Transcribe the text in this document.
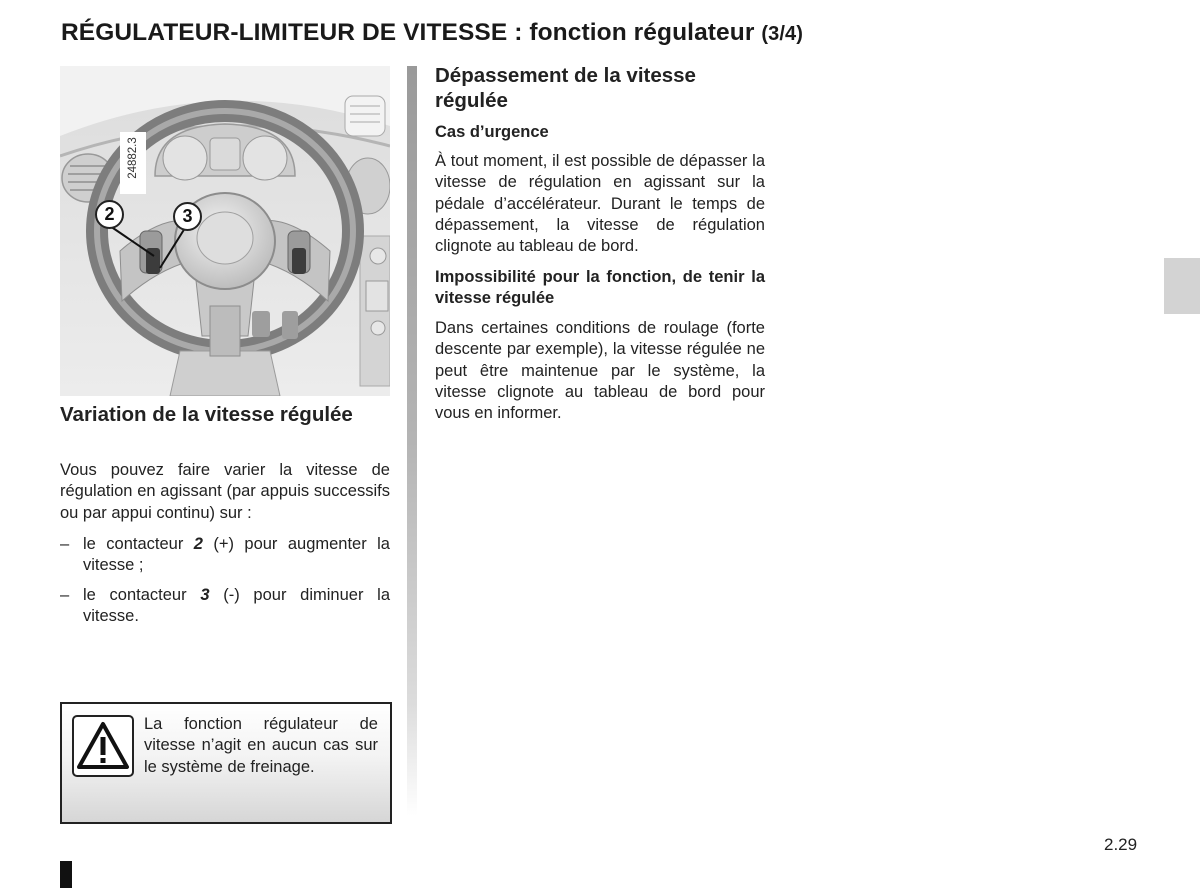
RÉGULATEUR-LIMITEUR DE VITESSE : fonction régulateur (3/4)
24882.3
2	3
Variation de la vitesse régulée
Vous pouvez faire varier la vitesse de régulation en agissant (par appuis successifs ou par appui continu) sur :
– le contacteur 2 (+) pour augmenter la vitesse ;
– le contacteur 3 (-) pour diminuer la vitesse.
La fonction régulateur de vitesse n’agit en aucun cas sur le système de freinage.
Dépassement de la vitesse régulée
Cas d’urgence
À tout moment, il est possible de dépasser la vitesse de régulation en agissant sur la pédale d’accélérateur. Durant le temps de dépassement, la vitesse de régulation clignote au tableau de bord.
Impossibilité pour la fonction, de tenir la vitesse régulée
Dans certaines conditions de roulage (forte descente par exemple), la vitesse régulée ne peut être maintenue par le système, la vitesse clignote au tableau de bord pour vous en informer.
2.29
